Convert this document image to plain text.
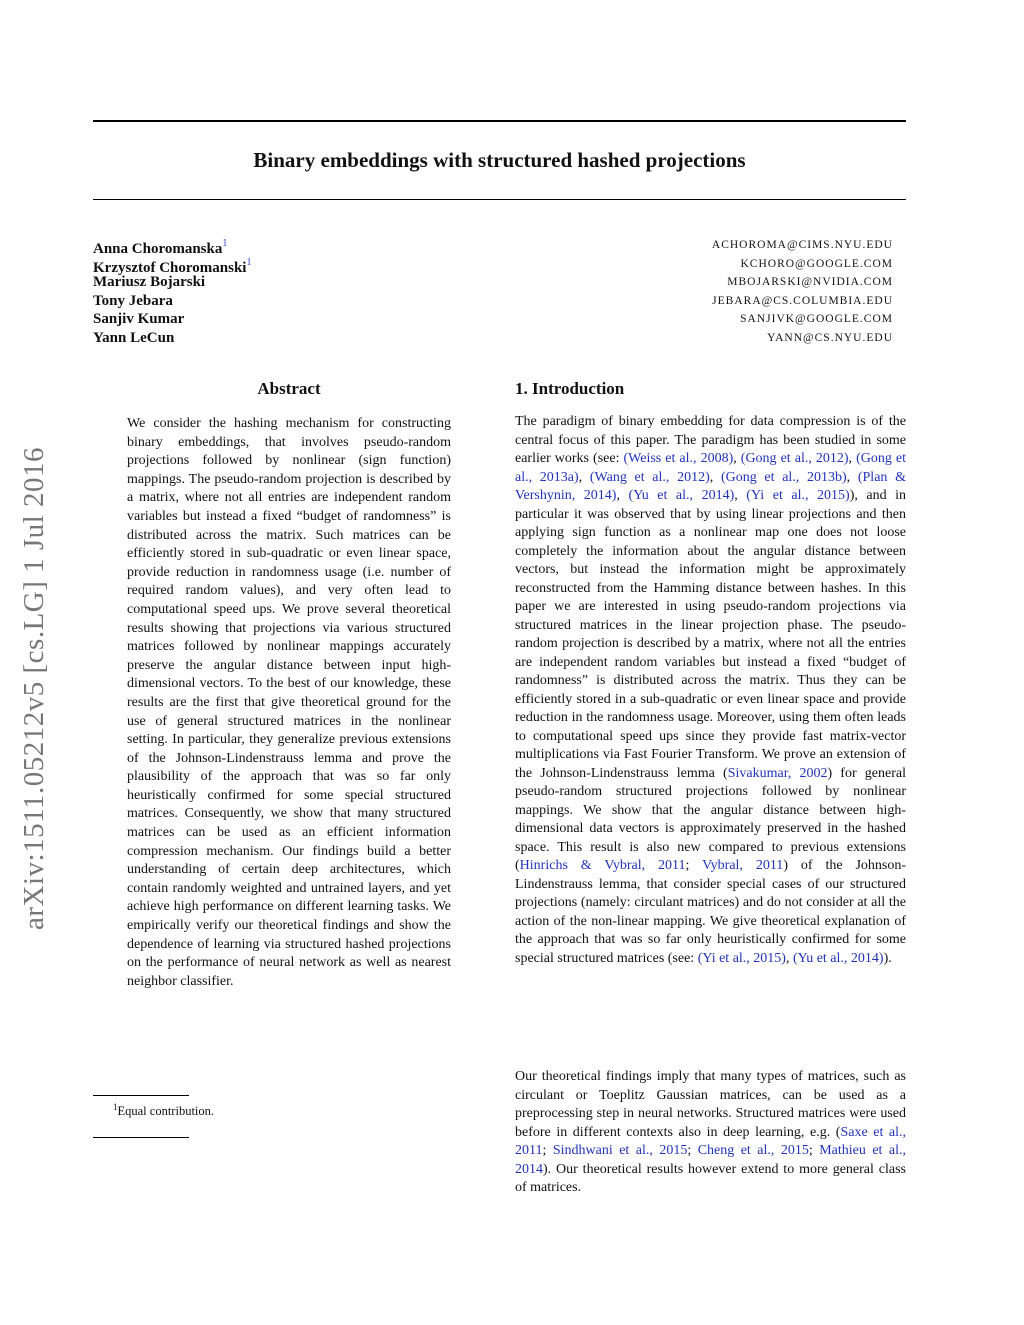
Binary embeddings with structured hashed projections
Anna Choromanska$^1$	ACHOROMA@CIMS.NYU.EDU
Krzysztof Choromanski$^1$	KCHORO@GOOGLE.COM
Mariusz Bojarski	MBOJARSKI@NVIDIA.COM
Tony Jebara	JEBARA@CS.COLUMBIA.EDU
Sanjiv Kumar	SANJIVK@GOOGLE.COM
Yann LeCun	YANN@CS.NYU.EDU
arXiv:1511.05212v5 [cs.LG] 1 Jul 2016
Abstract

We consider the hashing mechanism for constructing binary embeddings, that involves pseudo-random projections followed by nonlinear (sign function) mappings. The pseudo-random projection is described by a matrix, where not all entries are independent random variables but instead a fixed “budget of randomness” is distributed across the matrix. Such matrices can be efficiently stored in sub-quadratic or even linear space, provide reduction in randomness usage (i.e. number of required random values), and very often lead to computational speed ups. We prove several theoretical results showing that projections via various structured matrices followed by nonlinear mappings accurately preserve the angular distance between input high-dimensional vectors. To the best of our knowledge, these results are the first that give theoretical ground for the use of general structured matrices in the nonlinear setting. In particular, they generalize previous extensions of the Johnson-Lindenstrauss lemma and prove the plausibility of the approach that was so far only heuristically confirmed for some special structured matrices. Consequently, we show that many structured matrices can be used as an efficient information compression mechanism. Our findings build a better understanding of certain deep architectures, which contain randomly weighted and untrained layers, and yet achieve high performance on different learning tasks. We empirically verify our theoretical findings and show the dependence of learning via structured hashed projections on the performance of neural network as well as nearest neighbor classifier.

$^1$Equal contribution.
1. Introduction

The paradigm of binary embedding for data compression is of the central focus of this paper. The paradigm has been studied in some earlier works (see: (Weiss et al., 2008), (Gong et al., 2012), (Gong et al., 2013a), (Wang et al., 2012), (Gong et al., 2013b), (Plan & Vershynin, 2014), (Yu et al., 2014), (Yi et al., 2015)), and in particular it was observed that by using linear projections and then applying sign function as a nonlinear map one does not loose completely the information about the angular distance between vectors, but instead the information might be approximately reconstructed from the Hamming distance between hashes. In this paper we are interested in using pseudo-random projections via structured matrices in the linear projection phase. The pseudo-random projection is described by a matrix, where not all the entries are independent random variables but instead a fixed “budget of randomness” is distributed across the matrix. Thus they can be efficiently stored in a sub-quadratic or even linear space and provide reduction in the randomness usage. Moreover, using them often leads to computational speed ups since they provide fast matrix-vector multiplications via Fast Fourier Transform. We prove an extension of the Johnson-Lindenstrauss lemma (Sivakumar, 2002) for general pseudo-random structured projections followed by nonlinear mappings. We show that the angular distance between high-dimensional data vectors is approximately preserved in the hashed space. This result is also new compared to previous extensions (Hinrichs & Vybral, 2011; Vybral, 2011) of the Johnson-Lindenstrauss lemma, that consider special cases of our structured projections (namely: circulant matrices) and do not consider at all the action of the non-linear mapping. We give theoretical explanation of the approach that was so far only heuristically confirmed for some special structured matrices (see: (Yi et al., 2015), (Yu et al., 2014)).

Our theoretical findings imply that many types of matrices, such as circulant or Toeplitz Gaussian matrices, can be used as a preprocessing step in neural networks. Structured matrices were used before in different contexts also in deep learning, e.g. (Saxe et al., 2011; Sindhwani et al., 2015; Cheng et al., 2015; Mathieu et al., 2014). Our theoretical results however extend to more general class of matrices.
